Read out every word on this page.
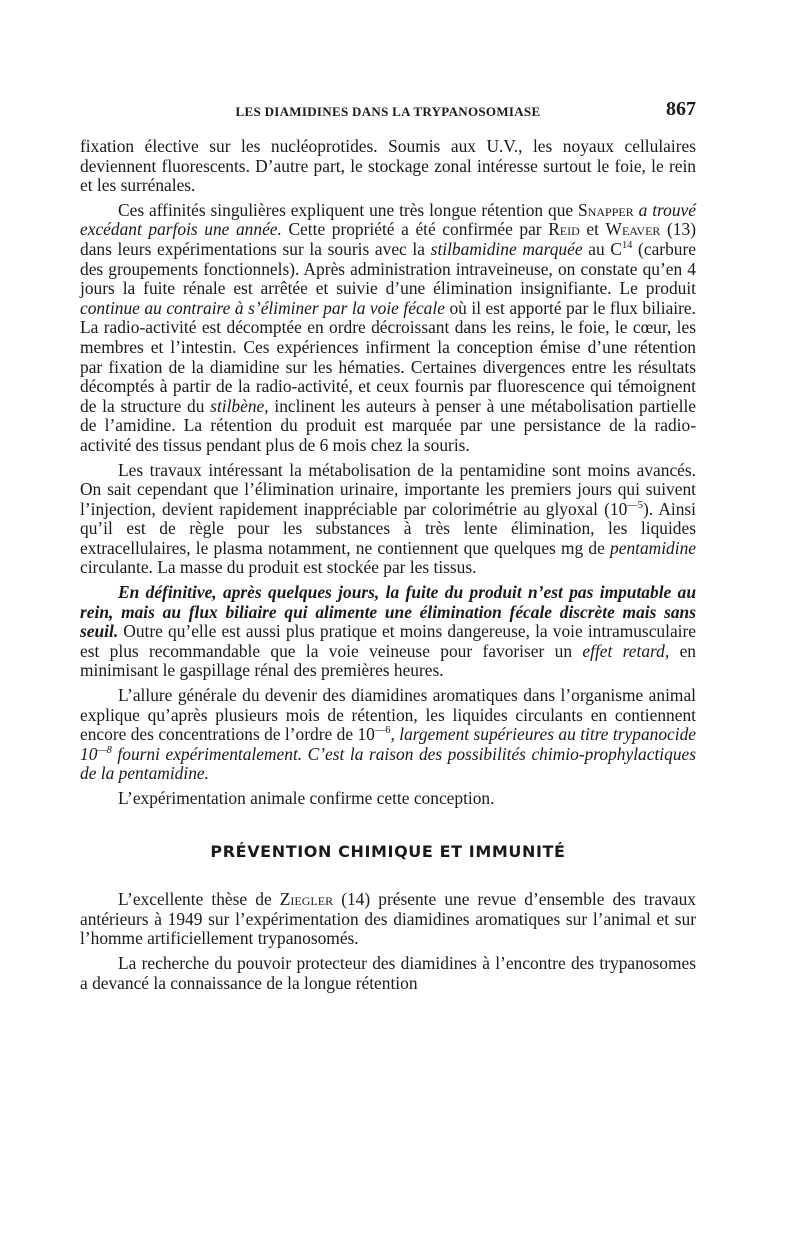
LES DIAMIDINES DANS LA TRYPANOSOMIASE	867

fixation élective sur les nucléoprotides. Soumis aux U.V., les noyaux cellulaires deviennent fluorescents. D’autre part, le stockage zonal intéresse surtout le foie, le rein et les surrénales.

Ces affinités singulières expliquent une très longue rétention que Snapper a trouvé excédant parfois une année. Cette propriété a été confirmée par Reid et Weaver (13) dans leurs expérimentations sur la souris avec la stilbamidine marquée au $C^{14}$ (carbure des groupements fonctionnels). Après administration intraveineuse, on constate qu’en 4 jours la fuite rénale est arrêtée et suivie d’une élimination insignifiante. Le produit continue au contraire à s’éliminer par la voie fécale où il est apporté par le flux biliaire. La radio-activité est décomptée en ordre décroissant dans les reins, le foie, le cœur, les membres et l’intestin. Ces expériences infirment la conception émise d’une rétention par fixation de la diamidine sur les hématies. Certaines divergences entre les résultats décomptés à partir de la radio-activité, et ceux fournis par fluorescence qui témoignent de la structure du stilbène, inclinent les auteurs à penser à une métabolisation partielle de l’amidine. La rétention du produit est marquée par une persistance de la radio-activité des tissus pendant plus de 6 mois chez la souris.

Les travaux intéressant la métabolisation de la pentamidine sont moins avancés. On sait cependant que l’élimination urinaire, importante les premiers jours qui suivent l’injection, devient rapidement inappréciable par colorimétrie au glyoxal $(10^{—5})$. Ainsi qu’il est de règle pour les substances à très lente élimination, les liquides extracellulaires, le plasma notamment, ne contiennent que quelques mg de pentamidine circulante. La masse du produit est stockée par les tissus.

En définitive, après quelques jours, la fuite du produit n’est pas imputable au rein, mais au flux biliaire qui alimente une élimination fécale discrète mais sans seuil. Outre qu’elle est aussi plus pratique et moins dangereuse, la voie intramusculaire est plus recommandable que la voie veineuse pour favoriser un effet retard, en minimisant le gaspillage rénal des premières heures.

L’allure générale du devenir des diamidines aromatiques dans l’organisme animal explique qu’après plusieurs mois de rétention, les liquides circulants en contiennent encore des concentrations de l’ordre de $10^{—6}$, largement supérieures au titre trypanocide $10^{—8}$ fourni expérimentalement. C’est la raison des possibilités chimio-prophylactiques de la pentamidine.

L’expérimentation animale confirme cette conception.

PRÉVENTION CHIMIQUE ET IMMUNITÉ

L’excellente thèse de Ziegler (14) présente une revue d’ensemble des travaux antérieurs à 1949 sur l’expérimentation des diamidines aromatiques sur l’animal et sur l’homme artificiellement trypanosomés.

La recherche du pouvoir protecteur des diamidines à l’encontre des trypanosomes a devancé la connaissance de la longue rétention
